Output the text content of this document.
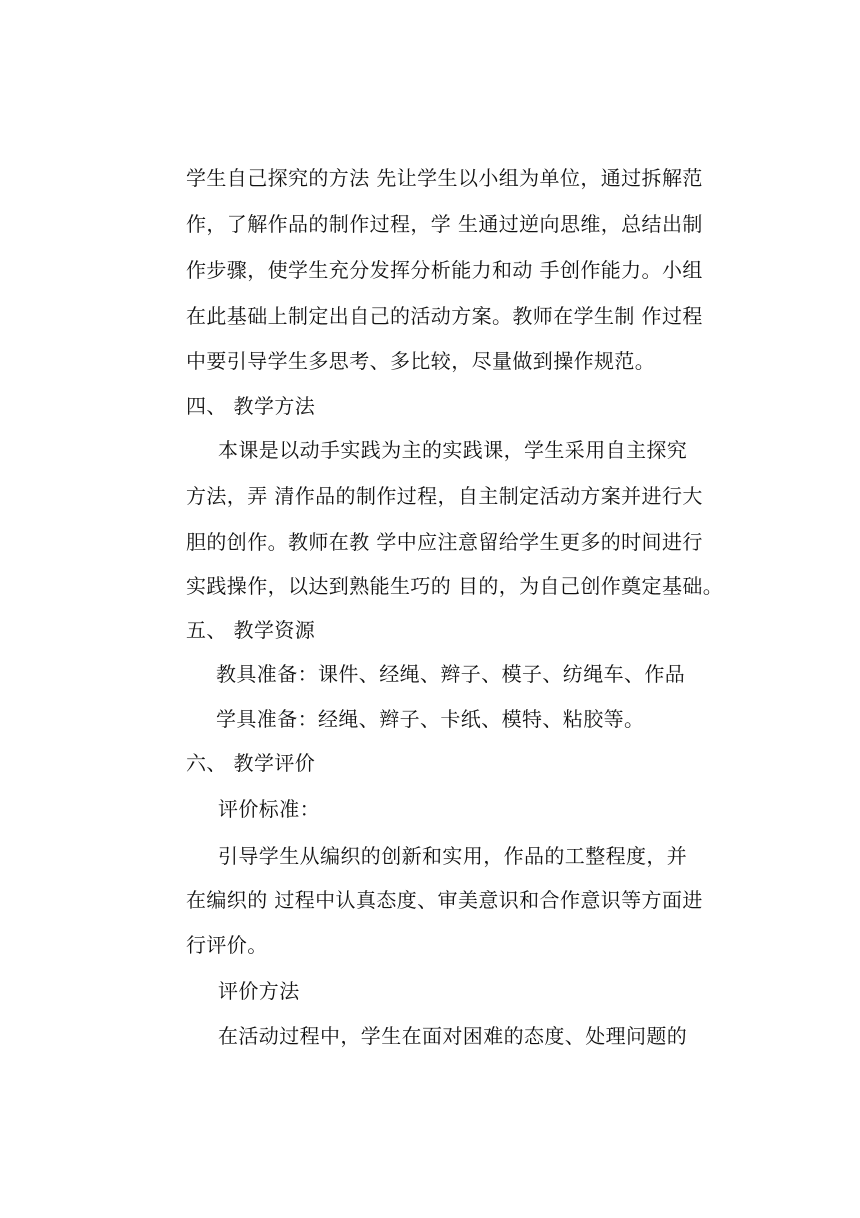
学生自己探究的方法 先让学生以小组为单位，通过拆解范
作，了解作品的制作过程，学 生通过逆向思维，总结出制
作步骤，使学生充分发挥分析能力和动 手创作能力。小组
在此基础上制定出自己的活动方案。教师在学生制 作过程
中要引导学生多思考、多比较，尽量做到操作规范。
四、 教学方法
本课是以动手实践为主的实践课，学生采用自主探究
方法，弄 清作品的制作过程，自主制定活动方案并进行大
胆的创作。教师在教 学中应注意留给学生更多的时间进行
实践操作，以达到熟能生巧的 目的，为自己创作奠定基础。
五、 教学资源
教具准备：课件、经绳、辫子、模子、纺绳车、作品
学具准备：经绳、辫子、卡纸、模特、粘胶等。
六、 教学评价
评价标准：
引导学生从编织的创新和实用，作品的工整程度，并
在编织的 过程中认真态度、审美意识和合作意识等方面进
行评价。
评价方法
在活动过程中，学生在面对困难的态度、处理问题的
